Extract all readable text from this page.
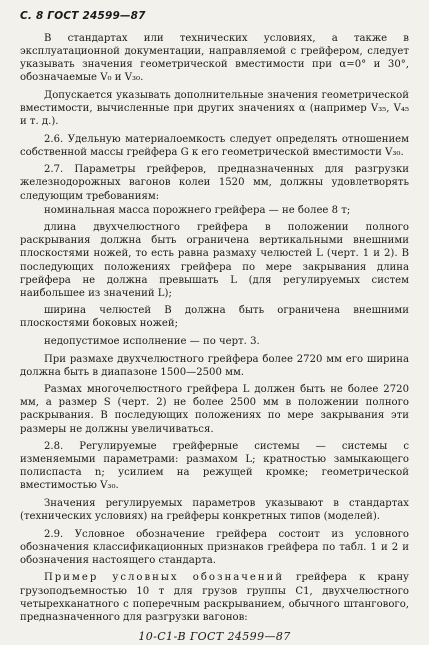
С. 8 ГОСТ 24599—87

В стандартах или технических условиях, а также в эксплуатационной документации, направляемой с грейфером, следует указывать значения геометрической вместимости при α=0° и 30°, обозначаемые V₀ и V₃₀.

Допускается указывать дополнительные значения геометрической вместимости, вычисленные при других значениях α (например V₃₅, V₄₅ и т. д.).

2.6. Удельную материалоемкость следует определять отношением собственной массы грейфера G к его геометрической вместимости V₃₀.

2.7. Параметры грейферов, предназначенных для разгрузки железнодорожных вагонов колеи 1520 мм, должны удовлетворять следующим требованиям:

номинальная масса порожнего грейфера — не более 8 т;

длина двухчелюстного грейфера в положении полного раскрывания должна быть ограничена вертикальными внешними плоскостями ножей, то есть равна размаху челюстей L (черт. 1 и 2). В последующих положениях грейфера по мере закрывания длина грейфера не должна превышать L (для регулируемых систем наибольшее из значений L);

ширина челюстей B должна быть ограничена внешними плоскостями боковых ножей;

недопустимое исполнение — по черт. 3.

При размахе двухчелюстного грейфера более 2720 мм его ширина должна быть в диапазоне 1500—2500 мм.

Размах многочелюстного грейфера L должен быть не более 2720 мм, а размер S (черт. 2) не более 2500 мм в положении полного раскрывания. В последующих положениях по мере закрывания эти размеры не должны увеличиваться.

2.8. Регулируемые грейферные системы — системы с изменяемыми параметрами: размахом L; кратностью замыкающего полиспаста n; усилием на режущей кромке; геометрической вместимостью V₃₀.

Значения регулируемых параметров указывают в стандартах (технических условиях) на грейферы конкретных типов (моделей).

2.9. Условное обозначение грейфера состоит из условного обозначения классификационных признаков грейфера по табл. 1 и 2 и обозначения настоящего стандарта.

Пример условных обозначений грейфера к крану грузоподъемностью 10 т для грузов группы С1, двухчелюстного четырехканатного с поперечным раскрыванием, обычного штангового, предназначенного для разгрузки вагонов:

10-С1-В ГОСТ 24599—87
